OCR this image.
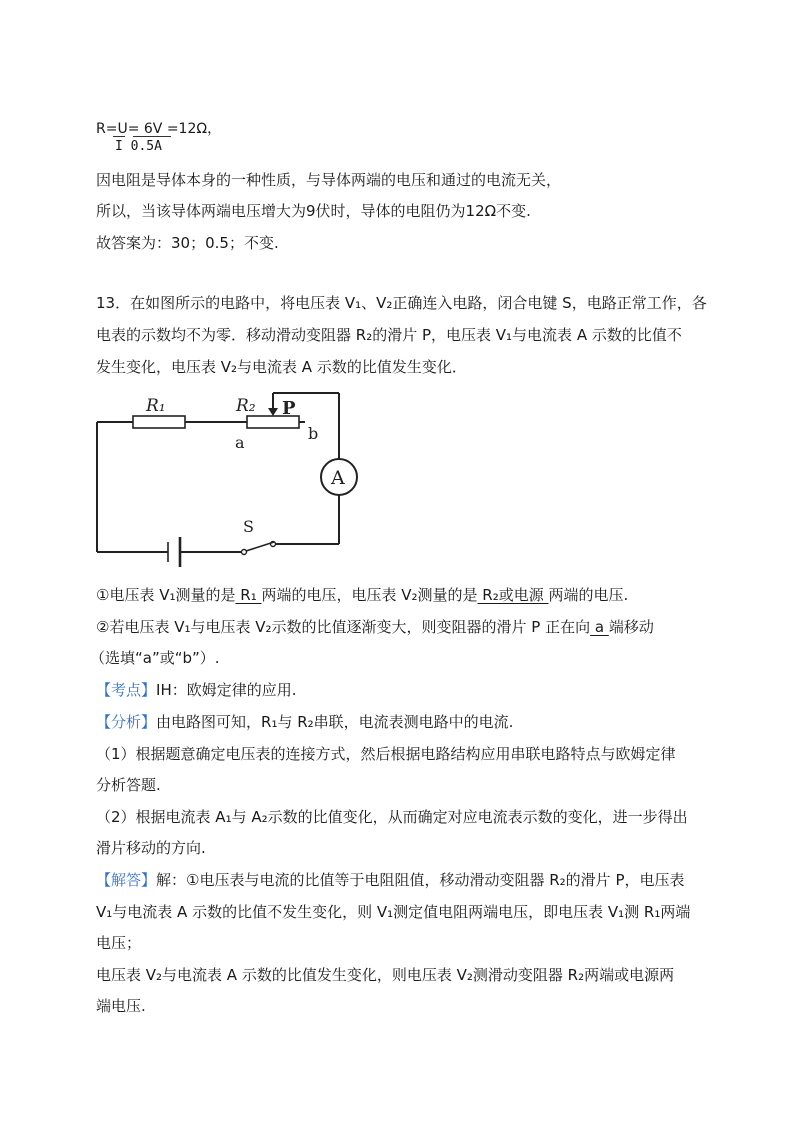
R=U= 6V =12Ω，
I 0.5A
因电阻是导体本身的一种性质，与导体两端的电压和通过的电流无关，
所以，当该导体两端电压增大为9伏时，导体的电阻仍为12Ω不变.
故答案为：30；0.5；不变.
13．在如图所示的电路中，将电压表 V₁、V₂正确连入电路，闭合电键 S，电路正常工作，各
电表的示数均不为零．移动滑动变阻器 R₂的滑片 P，电压表 V₁与电流表 A 示数的比值不
发生变化，电压表 V₂与电流表 A 示数的比值发生变化．
R₁	R₂ P
a	b
A
S
①电压表 V₁测量的是 R₁ 两端的电压，电压表 V₂测量的是 R₂或电源 两端的电压.
②若电压表 V₁与电压表 V₂示数的比值逐渐变大，则变阻器的滑片 P 正在向 a 端移动
（选填“a”或“b”）.
【考点】IH：欧姆定律的应用.
【分析】由电路图可知，R₁与 R₂串联，电流表测电路中的电流.
（1）根据题意确定电压表的连接方式，然后根据电路结构应用串联电路特点与欧姆定律
分析答题.
（2）根据电流表 A₁与 A₂示数的比值变化，从而确定对应电流表示数的变化，进一步得出
滑片移动的方向.
【解答】解：①电压表与电流的比值等于电阻阻值，移动滑动变阻器 R₂的滑片 P，电压表
V₁与电流表 A 示数的比值不发生变化，则 V₁测定值电阻两端电压，即电压表 V₁测 R₁两端
电压；
电压表 V₂与电流表 A 示数的比值发生变化，则电压表 V₂测滑动变阻器 R₂两端或电源两
端电压.
